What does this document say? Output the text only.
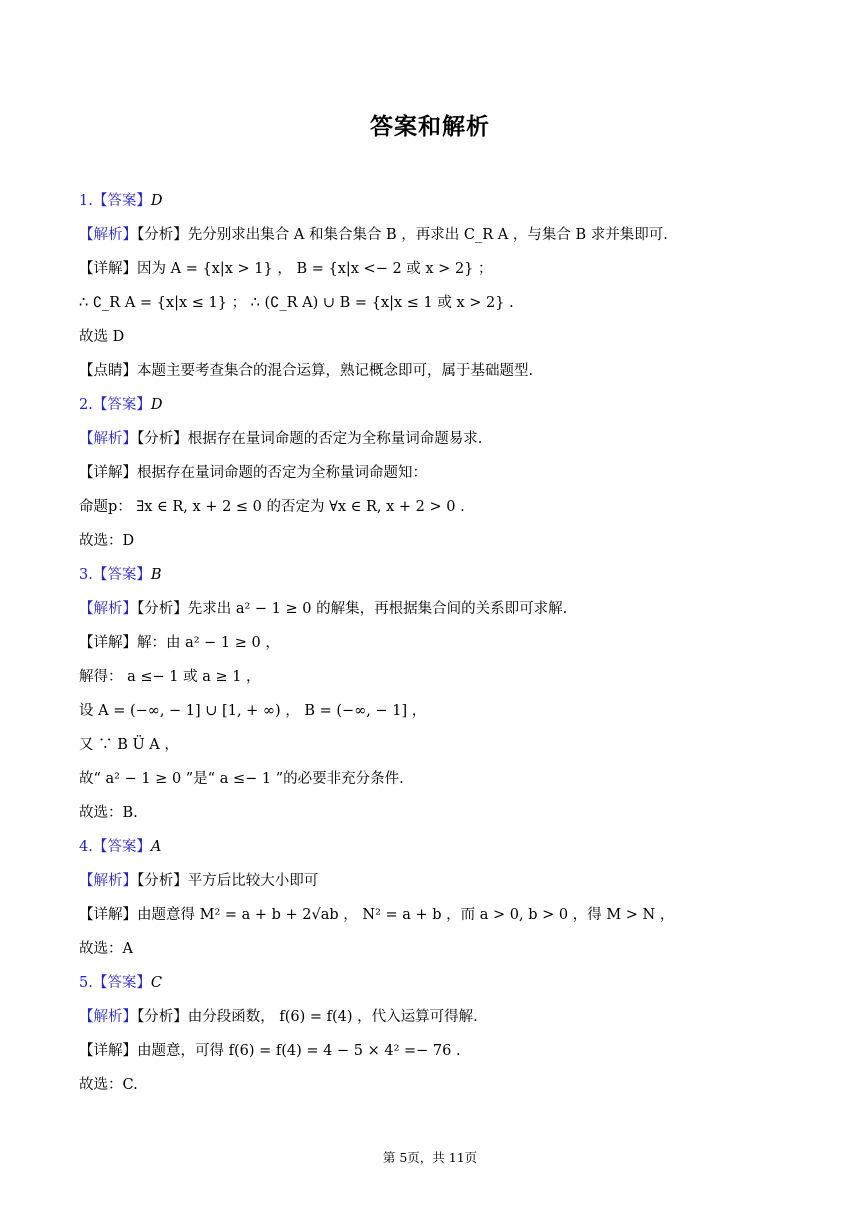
答案和解析
1.【答案】D
【解析】【分析】先分别求出集合 A 和集合集合 B ，再求出 C_R A ，与集合 B 求并集即可.
【详解】因为 A = {x|x > 1} ， B = {x|x <− 2 或 x > 2} ；
∴ ∁_R A = {x|x ≤ 1} ； ∴ (∁_R A) ∪ B = {x|x ≤ 1 或 x > 2} .
故选 D
【点睛】本题主要考查集合的混合运算，熟记概念即可，属于基础题型.
2.【答案】D
【解析】【分析】根据存在量词命题的否定为全称量词命题易求.
【详解】根据存在量词命题的否定为全称量词命题知：
命题p： ∃x ∈ R, x + 2 ≤ 0 的否定为 ∀x ∈ R, x + 2 > 0 .
故选：D
3.【答案】B
【解析】【分析】先求出 a² − 1 ≥ 0 的解集，再根据集合间的关系即可求解.
【详解】解：由 a² − 1 ≥ 0 ，
解得： a ≤− 1 或 a ≥ 1 ，
设 A = (−∞, − 1] ∪ [1, + ∞) ， B = (−∞, − 1] ，
又 ∵ B Ü A ，
故“ a² − 1 ≥ 0 ”是“ a ≤− 1 ”的必要非充分条件.
故选：B.
4.【答案】A
【解析】【分析】平方后比较大小即可
【详解】由题意得 M² = a + b + 2√ab ， N² = a + b ，而 a > 0, b > 0 ，得 M > N ，
故选：A
5.【答案】C
【解析】【分析】由分段函数， f(6) = f(4) ，代入运算可得解.
【详解】由题意，可得 f(6) = f(4) = 4 − 5 × 4² =− 76 .
故选：C.
第 5页，共 11页
